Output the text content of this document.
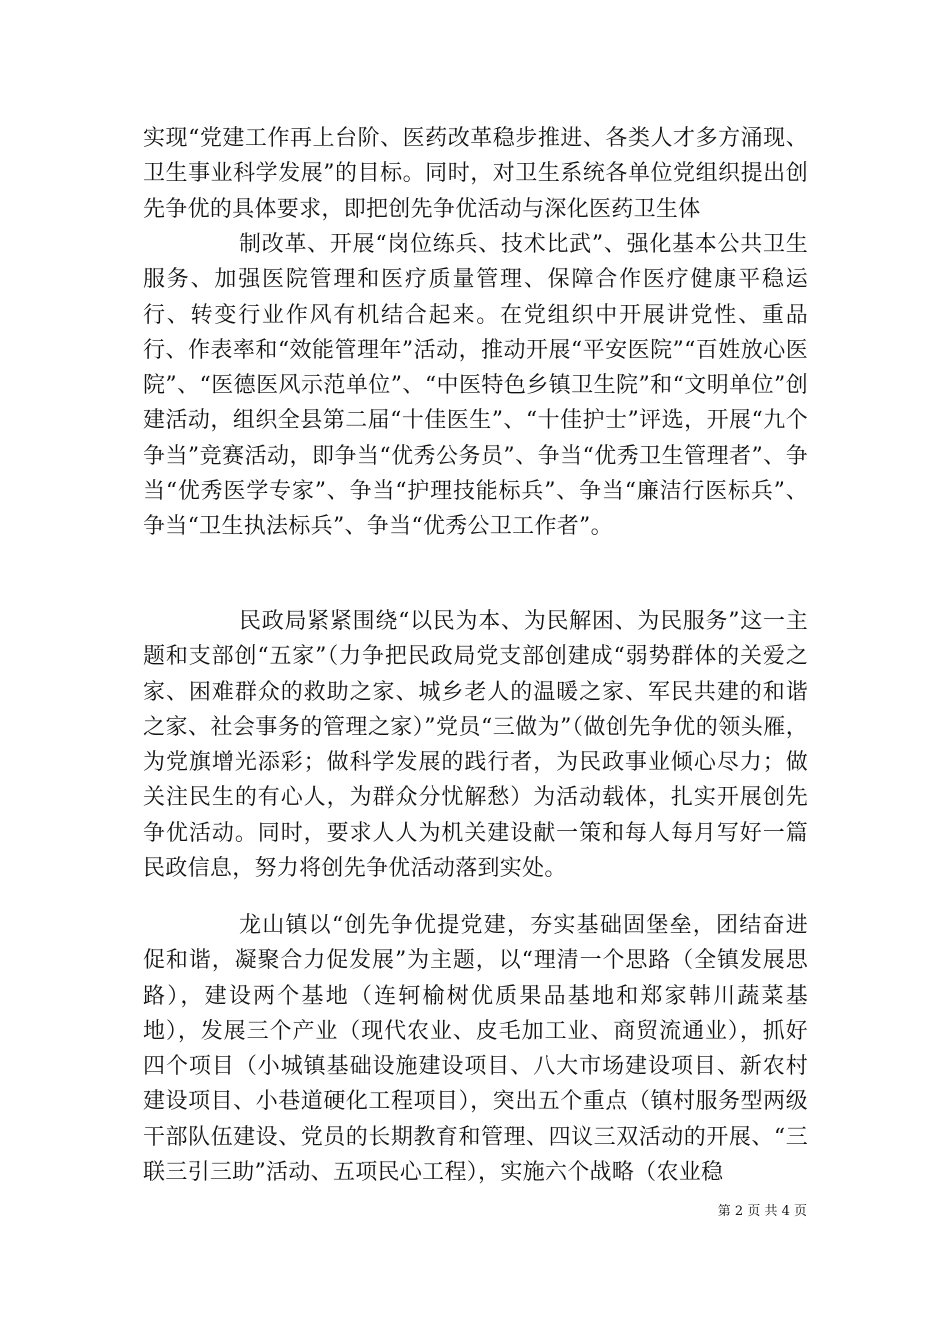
实现“党建工作再上台阶、医药改革稳步推进、各类人才多方涌现、卫生事业科学发展”的目标。同时，对卫生系统各单位党组织提出创先争优的具体要求，即把创先争优活动与深化医药卫生体

制改革、开展“岗位练兵、技术比武”、强化基本公共卫生服务、加强医院管理和医疗质量管理、保障合作医疗健康平稳运行、转变行业作风有机结合起来。在党组织中开展讲党性、重品行、作表率和“效能管理年”活动，推动开展“平安医院”“百姓放心医院”、“医德医风示范单位”、“中医特色乡镇卫生院”和“文明单位”创建活动，组织全县第二届“十佳医生”、“十佳护士”评选，开展“九个争当”竞赛活动，即争当“优秀公务员”、争当“优秀卫生管理者”、争当“优秀医学专家”、争当“护理技能标兵”、争当“廉洁行医标兵”、争当“卫生执法标兵”、争当“优秀公卫工作者”。

民政局紧紧围绕“以民为本、为民解困、为民服务”这一主题和支部创“五家”（力争把民政局党支部创建成“弱势群体的关爱之家、困难群众的救助之家、城乡老人的温暖之家、军民共建的和谐之家、社会事务的管理之家）”党员“三做为”（做创先争优的领头雁，为党旗增光添彩；做科学发展的践行者，为民政事业倾心尽力；做关注民生的有心人，为群众分忧解愁）为活动载体，扎实开展创先争优活动。同时，要求人人为机关建设献一策和每人每月写好一篇民政信息，努力将创先争优活动落到实处。

龙山镇以“创先争优提党建，夯实基础固堡垒，团结奋进促和谐，凝聚合力促发展”为主题，以“理清一个思路（全镇发展思路），建设两个基地（连轲榆树优质果品基地和郑家韩川蔬菜基地），发展三个产业（现代农业、皮毛加工业、商贸流通业），抓好四个项目（小城镇基础设施建设项目、八大市场建设项目、新农村建设项目、小巷道硬化工程项目），突出五个重点（镇村服务型两级干部队伍建设、党员的长期教育和管理、四议三双活动的开展、“三联三引三助”活动、五项民心工程），实施六个战略（农业稳

第 2 页 共 4 页
